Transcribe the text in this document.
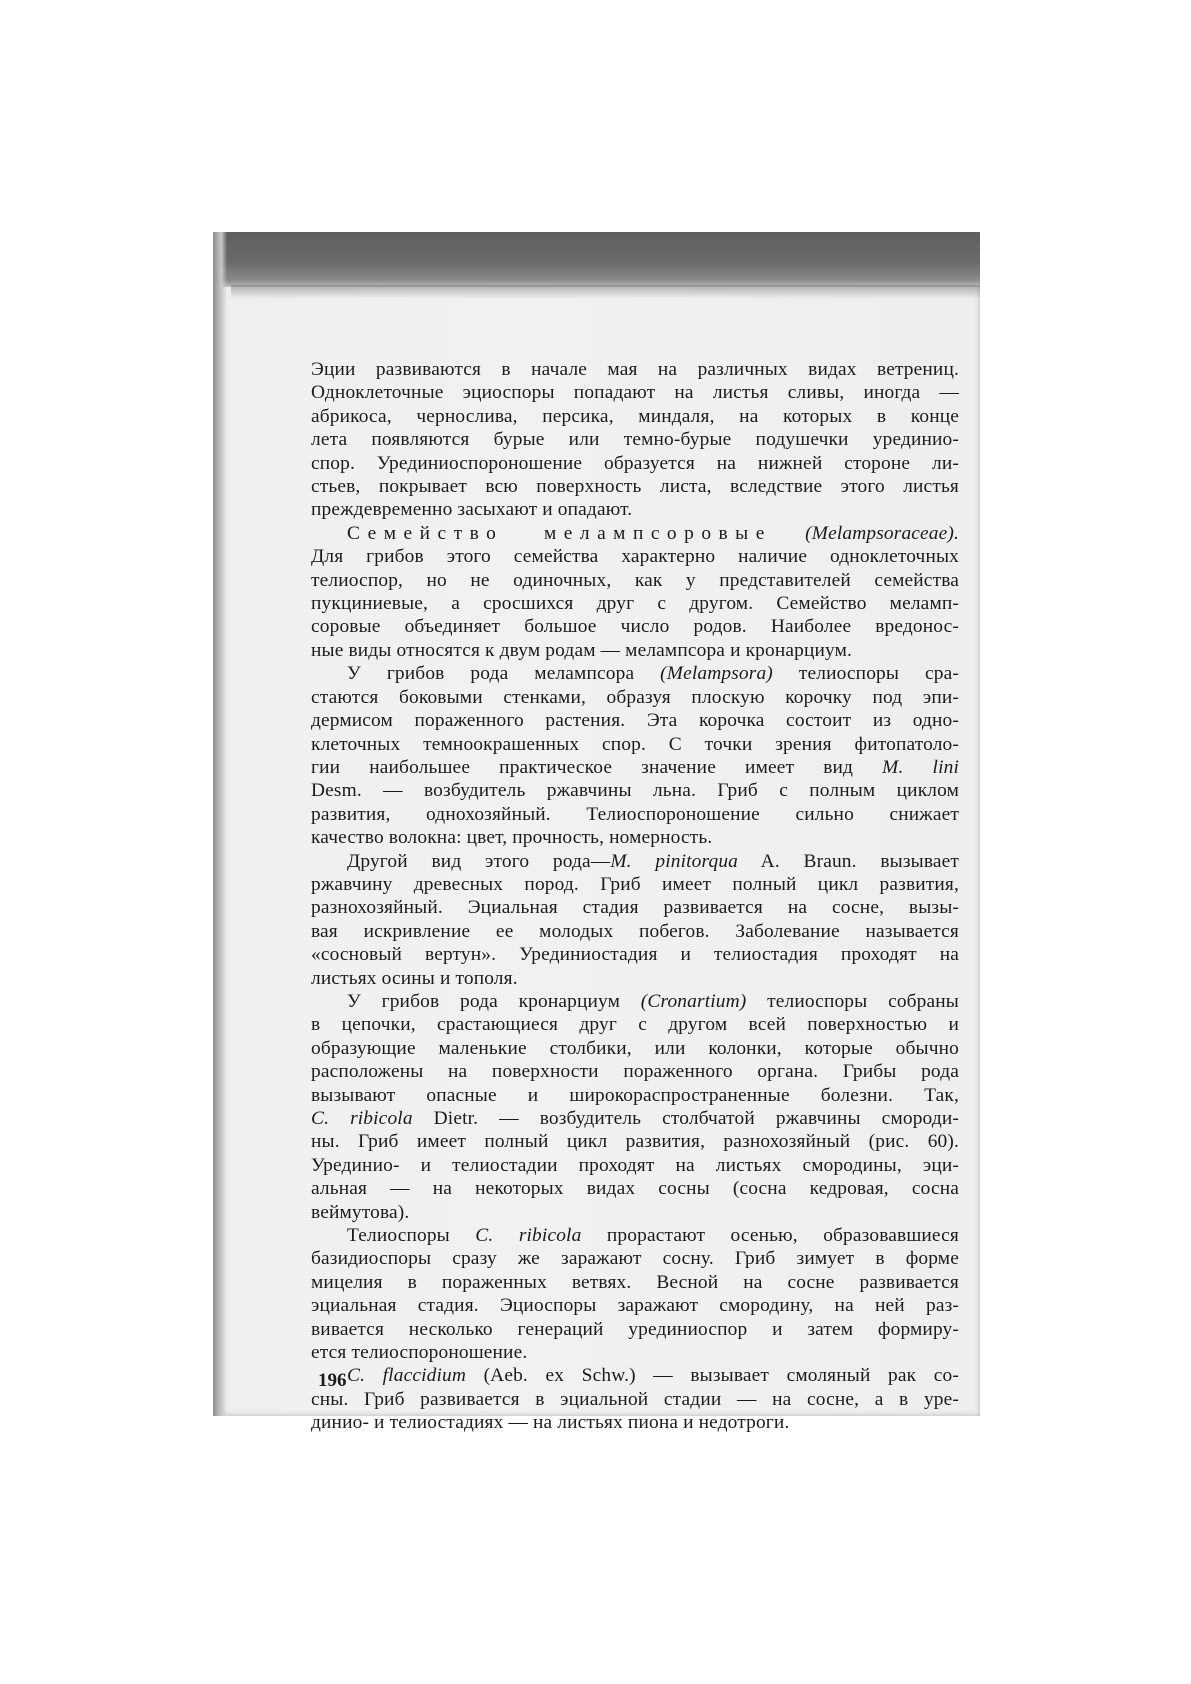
Эции развиваются в начале мая на различных видах ветрениц.
Одноклеточные эциоспоры попадают на листья сливы, иногда —
абрикоса, чернослива, персика, миндаля, на которых в конце
лета появляются бурые или темно-бурые подушечки урединио-
спор. Урединиоспороношение образуется на нижней стороне ли-
стьев, покрывает всю поверхность листа, вследствие этого листья
преждевременно засыхают и опадают.
Семейство мелампсоровые (Melampsoraceae).
Для грибов этого семейства характерно наличие одноклеточных
телиоспор, но не одиночных, как у представителей семейства
пукциниевые, а сросшихся друг с другом. Семейство меламп-
соровые объединяет большое число родов. Наиболее вредонос-
ные виды относятся к двум родам — мелампсора и кронарциум.
У грибов рода мелампсора (Melampsora) телиоспоры сра-
стаются боковыми стенками, образуя плоскую корочку под эпи-
дермисом пораженного растения. Эта корочка состоит из одно-
клеточных темноокрашенных спор. С точки зрения фитопатоло-
гии наибольшее практическое значение имеет вид M. lini
Desm. — возбудитель ржавчины льна. Гриб с полным циклом
развития, однохозяйный. Телиоспороношение сильно снижает
качество волокна: цвет, прочность, номерность.
Другой вид этого рода—M. pinitorqua A. Braun. вызывает
ржавчину древесных пород. Гриб имеет полный цикл развития,
разнохозяйный. Эциальная стадия развивается на сосне, вызы-
вая искривление ее молодых побегов. Заболевание называется
«сосновый вертун». Урединиостадия и телиостадия проходят на
листьях осины и тополя.
У грибов рода кронарциум (Cronartium) телиоспоры собраны
в цепочки, срастающиеся друг с другом всей поверхностью и
образующие маленькие столбики, или колонки, которые обычно
расположены на поверхности пораженного органа. Грибы рода
вызывают опасные и широкораспространенные болезни. Так,
C. ribicola Dietr. — возбудитель столбчатой ржавчины смороди-
ны. Гриб имеет полный цикл развития, разнохозяйный (рис. 60).
Урединио- и телиостадии проходят на листьях смородины, эци-
альная — на некоторых видах сосны (сосна кедровая, сосна
веймутова).
Телиоспоры C. ribicola прорастают осенью, образовавшиеся
базидиоспоры сразу же заражают сосну. Гриб зимует в форме
мицелия в пораженных ветвях. Весной на сосне развивается
эциальная стадия. Эциоспоры заражают смородину, на ней раз-
вивается несколько генераций урединиоспор и затем формиру-
ется телиоспороношение.
C. flaccidium (Aeb. ex Schw.) — вызывает смоляный рак со-
сны. Гриб развивается в эциальной стадии — на сосне, а в уре-
динио- и телиостадиях — на листьях пиона и недотроги.
196
